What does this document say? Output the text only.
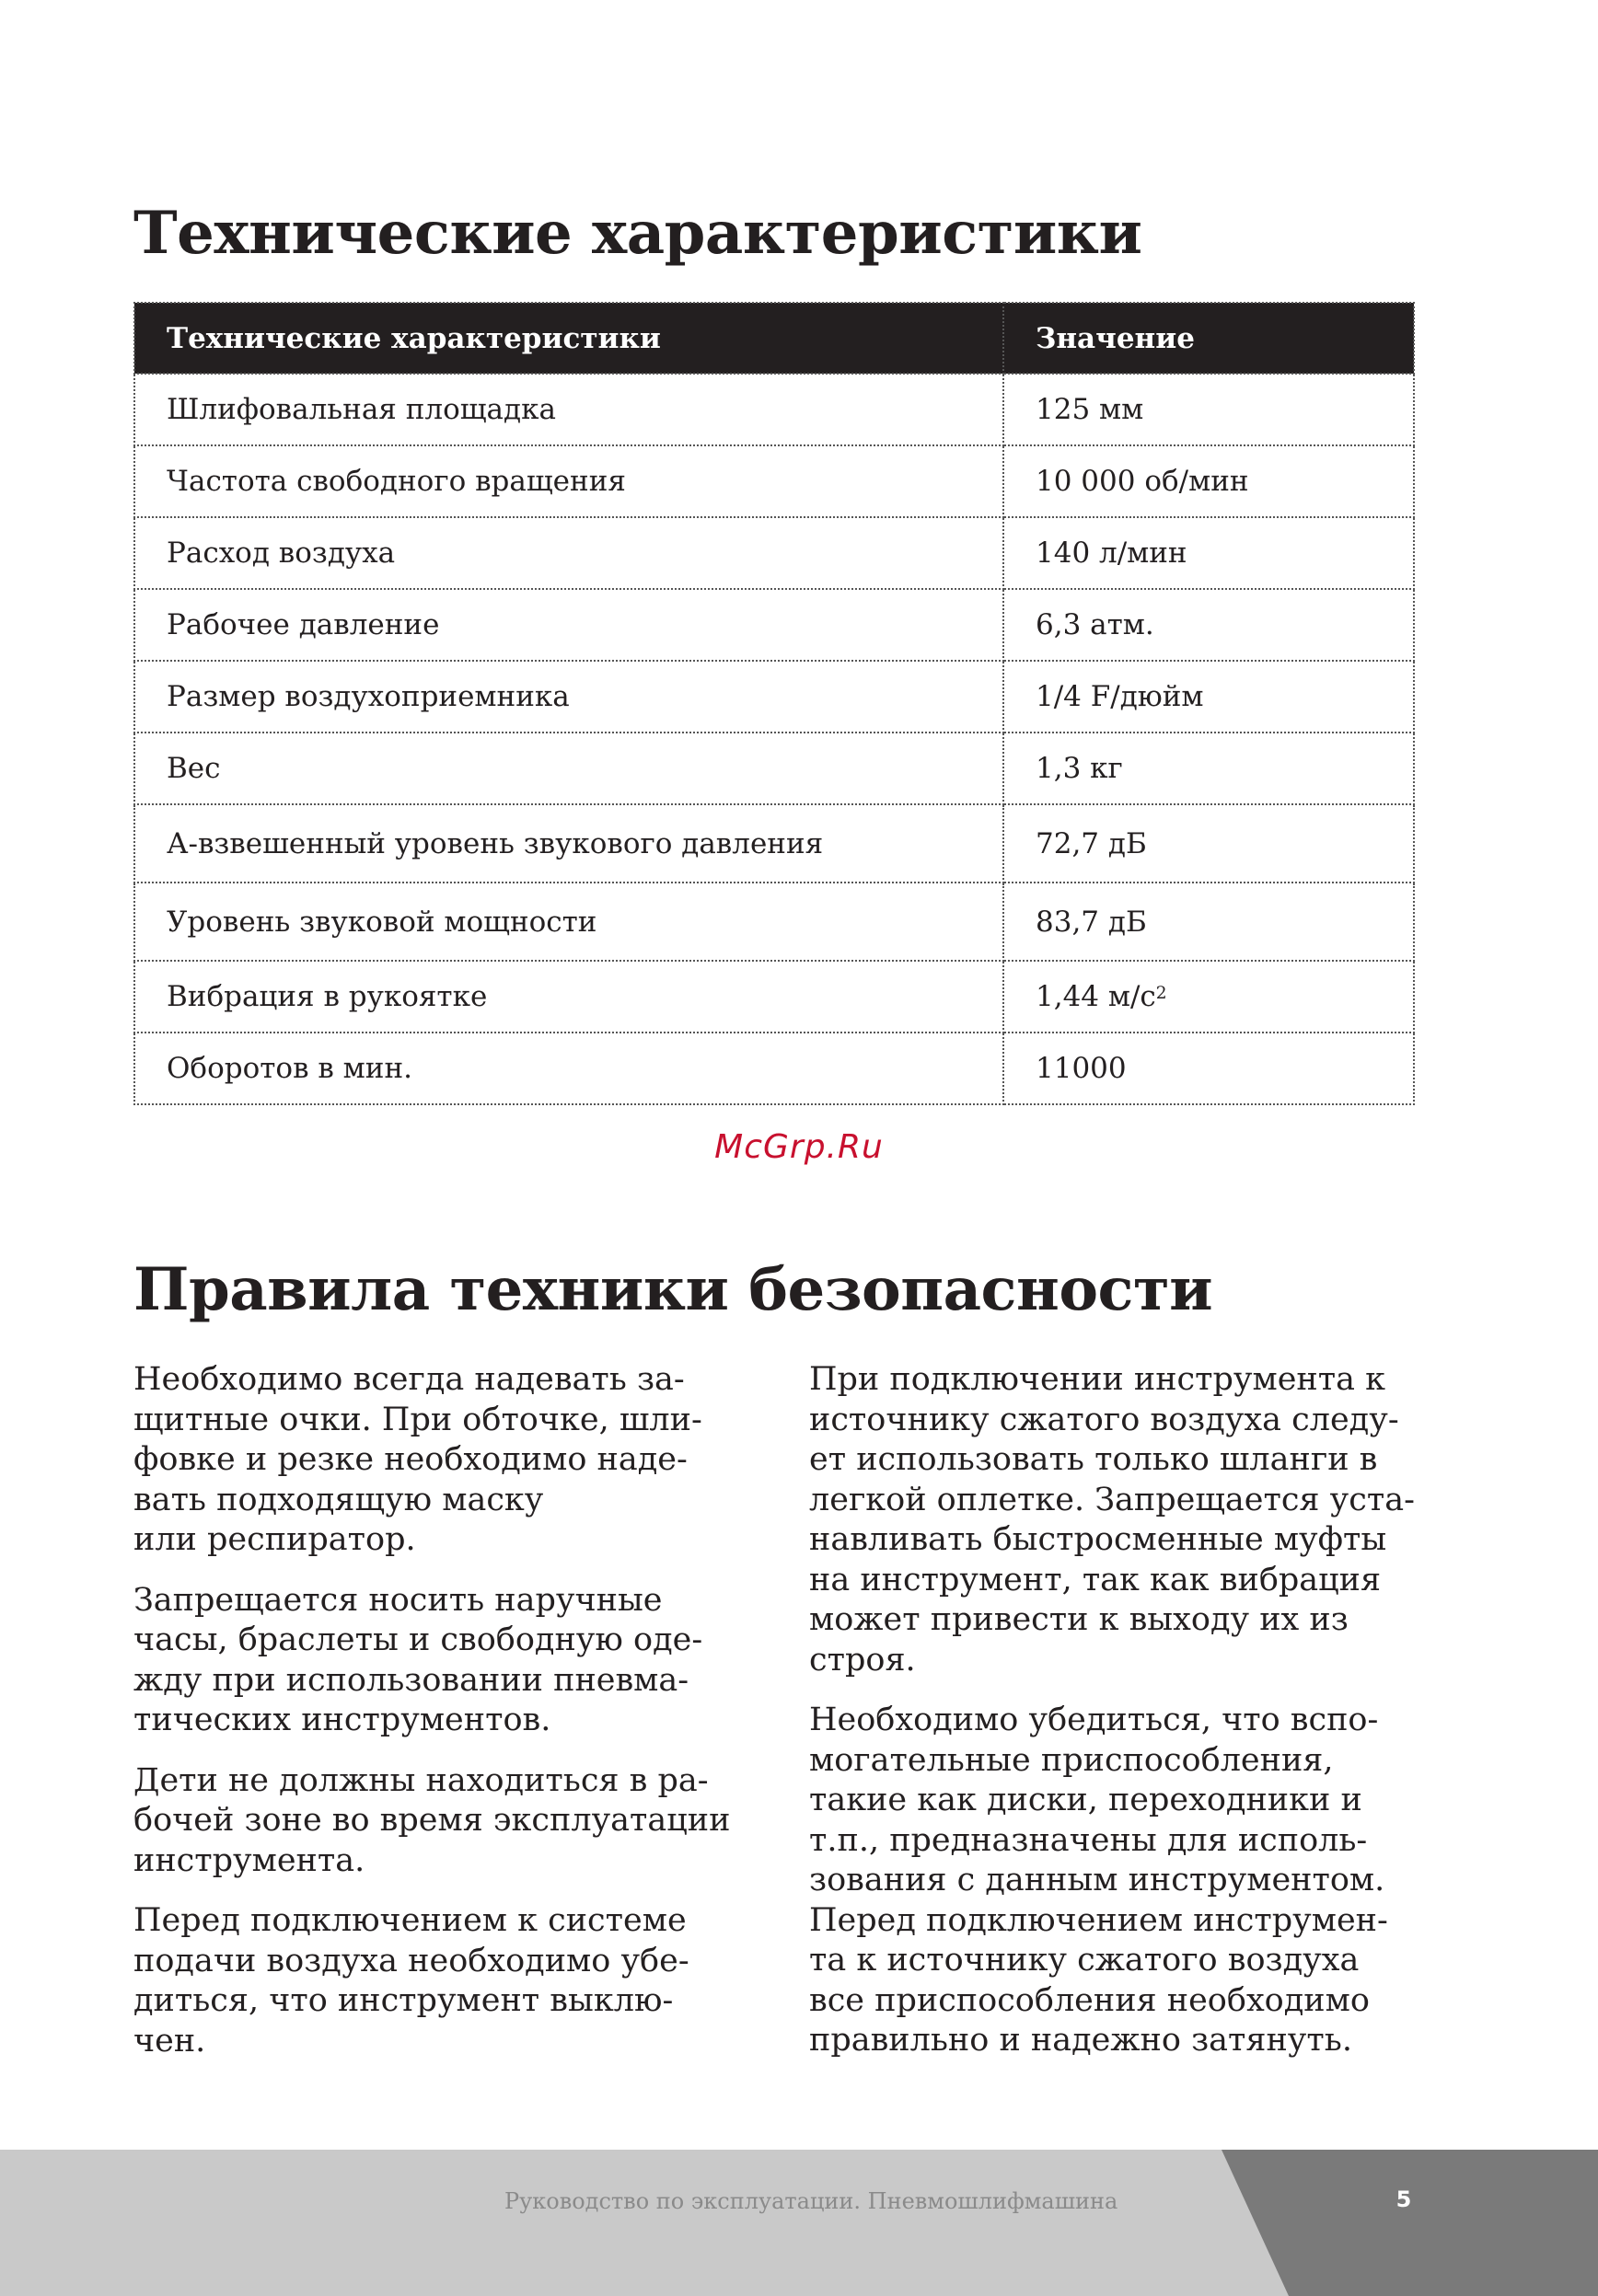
Технические характеристики
Технические характеристики	Значение
Шлифовальная площадка	125 мм
Частота свободного вращения	10 000 об/мин
Расход воздуха	140 л/мин
Рабочее давление	6,3 атм.
Размер воздухоприемника	1/4 F/дюйм
Вес	1,3 кг
А-взвешенный уровень звукового давления	72,7 дБ
Уровень звуковой мощности	83,7 дБ
Вибрация в рукоятке	1,44 $м/с^2$
Оборотов в мин.	11000
McGrp.Ru
Правила техники безопасности

Необходимо всегда надевать за-
щитные очки. При обточке, шли-
фовке и резке необходимо наде-
вать подходящую маску
или респиратор.

Запрещается носить наручные
часы, браслеты и свободную оде-
жду при использовании пневма-
тических инструментов.

Дети не должны находиться в ра-
бочей зоне во время эксплуатации
инструмента.

Перед подключением к системе
подачи воздуха необходимо убе-
диться, что инструмент выклю-
чен.

При подключении инструмента к
источнику сжатого воздуха следу-
ет использовать только шланги в
легкой оплетке. Запрещается уста-
навливать быстросменные муфты
на инструмент, так как вибрация
может привести к выходу их из
строя.

Необходимо убедиться, что вспо-
могательные приспособления,
такие как диски, переходники и
т.п., предназначены для исполь-
зования с данным инструментом.
Перед подключением инструмен-
та к источнику сжатого воздуха
все приспособления необходимо
правильно и надежно затянуть.

Руководство по эксплуатации. Пневмошлифмашина	5
